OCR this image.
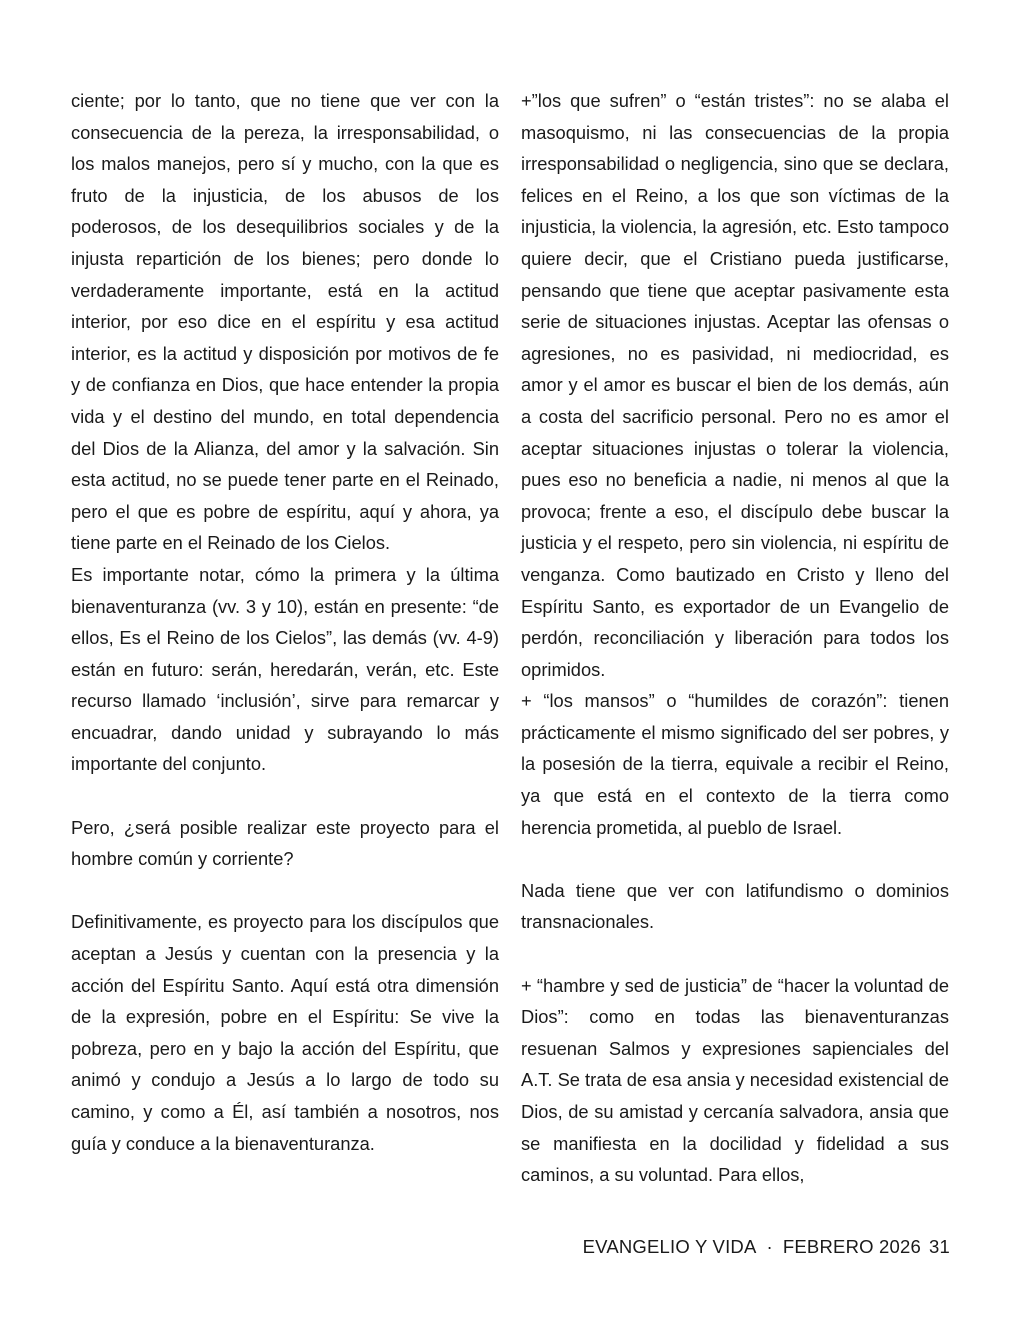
ciente; por lo tanto, que no tiene que ver con la consecuencia de la pereza, la irresponsabilidad, o los malos manejos, pero sí y mucho, con la que es fruto de la injusticia, de los abusos de los poderosos, de los desequilibrios sociales y de la injusta repartición de los bienes; pero donde lo verdaderamente importante, está en la actitud interior, por eso dice en el espíritu y esa actitud interior, es la actitud y disposición por motivos de fe y de confianza en Dios, que hace entender la propia vida y el destino del mundo, en total dependencia del Dios de la Alianza, del amor y la salvación. Sin esta actitud, no se puede tener parte en el Reinado, pero el que es pobre de espíritu, aquí y ahora, ya tiene parte en el Reinado de los Cielos.

Es importante notar, cómo la primera y la última bienaventuranza (vv. 3 y 10), están en presente: “de ellos, Es el Reino de los Cielos”, las demás (vv. 4-9) están en futuro: serán, heredarán, verán, etc. Este recurso llamado ‘inclusión’, sirve para remarcar y encuadrar, dando unidad y subrayando lo más importante del conjunto.

Pero, ¿será posible realizar este proyecto para el hombre común y corriente?

Definitivamente, es proyecto para los discípulos que aceptan a Jesús y cuentan con la presencia y la acción del Espíritu Santo. Aquí está otra dimensión de la expresión, pobre en el Espíritu: Se vive la pobreza, pero en y bajo la acción del Espíritu, que animó y condujo a Jesús a lo largo de todo su camino, y como a Él, así también a nosotros, nos guía y conduce a la bienaventuranza.

+”los que sufren” o “están tristes”: no se alaba el masoquismo, ni las consecuencias de la propia irresponsabilidad o negligencia, sino que se declara, felices en el Reino, a los que son víctimas de la injusticia, la violencia, la agresión, etc. Esto tampoco quiere decir, que el Cristiano pueda justificarse, pensando que tiene que aceptar pasivamente esta serie de situaciones injustas. Aceptar las ofensas o agresiones, no es pasividad, ni mediocridad, es amor y el amor es buscar el bien de los demás, aún a costa del sacrificio personal. Pero no es amor el aceptar situaciones injustas o tolerar la violencia, pues eso no beneficia a nadie, ni menos al que la provoca; frente a eso, el discípulo debe buscar la justicia y el respeto, pero sin violencia, ni espíritu de venganza. Como bautizado en Cristo y lleno del Espíritu Santo, es exportador de un Evangelio de perdón, reconciliación y liberación para todos los oprimidos.

+ “los mansos” o “humildes de corazón”: tienen prácticamente el mismo significado del ser pobres, y la posesión de la tierra, equivale a recibir el Reino, ya que está en el contexto de la tierra como herencia prometida, al pueblo de Israel.

Nada tiene que ver con latifundismo o dominios transnacionales.

+ “hambre y sed de justicia” de “hacer la voluntad de Dios”: como en todas las bienaventuranzas resuenan Salmos y expresiones sapienciales del A.T. Se trata de esa ansia y necesidad existencial de Dios, de su amistad y cercanía salvadora, ansia que se manifiesta en la docilidad y fidelidad a sus caminos, a su voluntad. Para ellos,

EVANGELIO Y VIDA · FEBRERO 2026 31
